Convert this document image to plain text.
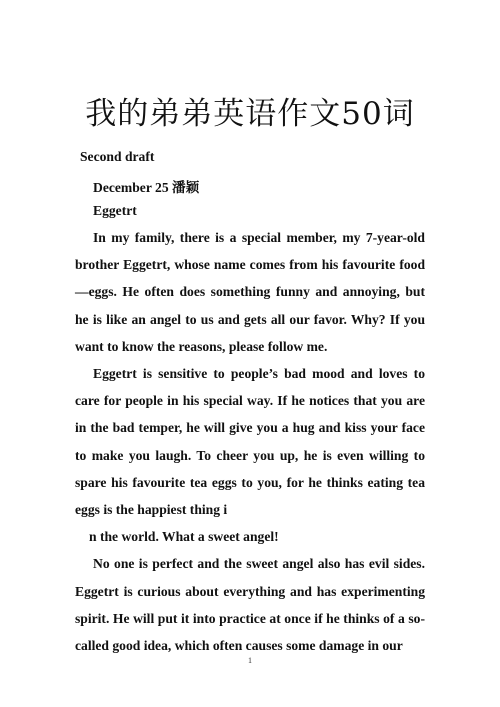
我的弟弟英语作文50词
Second draft
December 25 潘颖
Eggetrt

In my family, there is a special member, my 7-year-old brother Eggetrt, whose name comes from his favourite food—eggs. He often does something funny and annoying, but he is like an angel to us and gets all our favor. Why? If you want to know the reasons, please follow me.

Eggetrt is sensitive to people’s bad mood and loves to care for people in his special way. If he notices that you are in the bad temper, he will give you a hug and kiss your face to make you laugh. To cheer you up, he is even willing to spare his favourite tea eggs to you, for he thinks eating tea eggs is the happiest thing i

n the world. What a sweet angel!

No one is perfect and the sweet angel also has evil sides. Eggetrt is curious about everything and has experimenting spirit. He will put it into practice at once if he thinks of a so-called good idea, which often causes some damage in our

1
